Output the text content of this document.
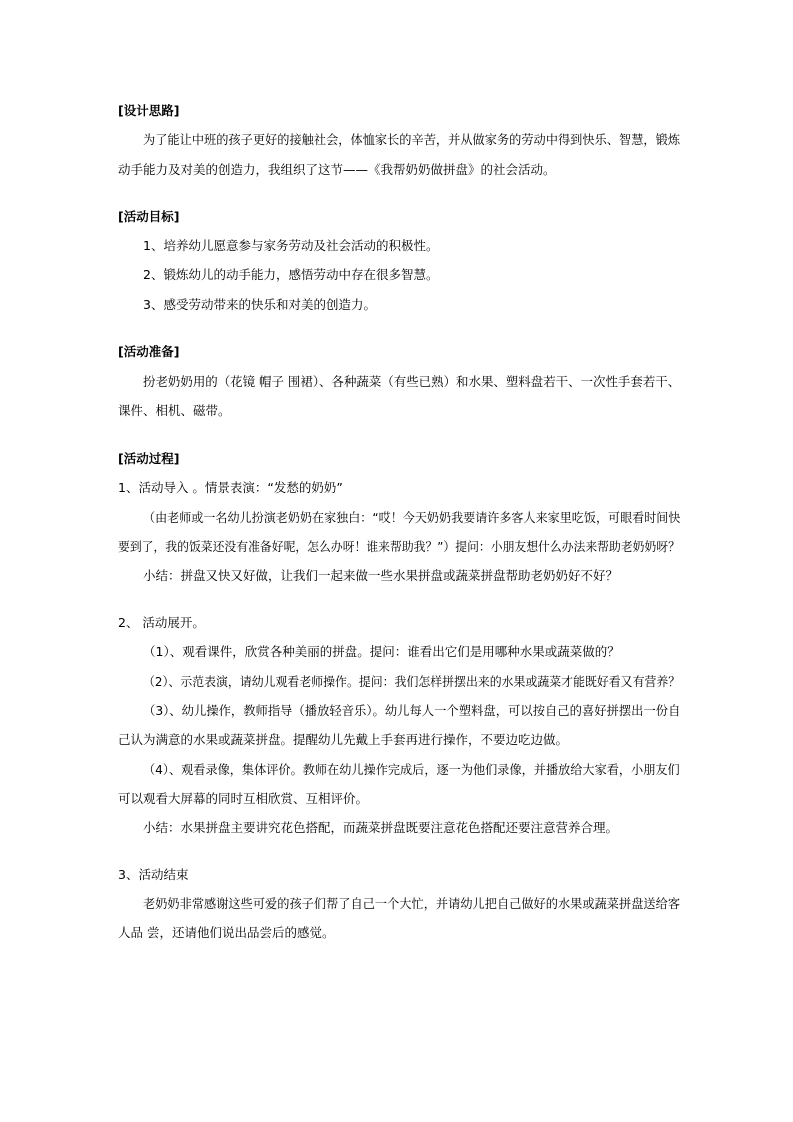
[设计思路]
为了能让中班的孩子更好的接触社会，体恤家长的辛苦，并从做家务的劳动中得到快乐、智慧，锻炼
动手能力及对美的创造力，我组织了这节——《我帮奶奶做拼盘》的社会活动。
[活动目标]
1、培养幼儿愿意参与家务劳动及社会活动的积极性。
2、锻炼幼儿的动手能力，感悟劳动中存在很多智慧。
3、感受劳动带来的快乐和对美的创造力。
[活动准备]
扮老奶奶用的（花镜 帽子 围裙）、各种蔬菜（有些已熟）和水果、塑料盘若干、一次性手套若干、
课件、相机、磁带。
[活动过程]
1、活动导入 。情景表演：“发愁的奶奶”
（由老师或一名幼儿扮演老奶奶在家独白：“哎！今天奶奶我要请许多客人来家里吃饭，可眼看时间快
要到了，我的饭菜还没有准备好呢，怎么办呀！谁来帮助我？”）提问：小朋友想什么办法来帮助老奶奶呀？
小结：拼盘又快又好做，让我们一起来做一些水果拼盘或蔬菜拼盘帮助老奶奶好不好？
2、 活动展开。
（1）、观看课件，欣赏各种美丽的拼盘。提问：谁看出它们是用哪种水果或蔬菜做的？
（2）、示范表演，请幼儿观看老师操作。提问：我们怎样拼摆出来的水果或蔬菜才能既好看又有营养？
（3）、幼儿操作，教师指导（播放轻音乐）。幼儿每人一个塑料盘，可以按自己的喜好拼摆出一份自
己认为满意的水果或蔬菜拼盘。提醒幼儿先戴上手套再进行操作，不要边吃边做。
（4）、观看录像，集体评价。教师在幼儿操作完成后，逐一为他们录像，并播放给大家看，小朋友们
可以观看大屏幕的同时互相欣赏、互相评价。
小结：水果拼盘主要讲究花色搭配，而蔬菜拼盘既要注意花色搭配还要注意营养合理。
3、活动结束
老奶奶非常感谢这些可爱的孩子们帮了自己一个大忙，并请幼儿把自己做好的水果或蔬菜拼盘送给客
人品 尝，还请他们说出品尝后的感觉。
